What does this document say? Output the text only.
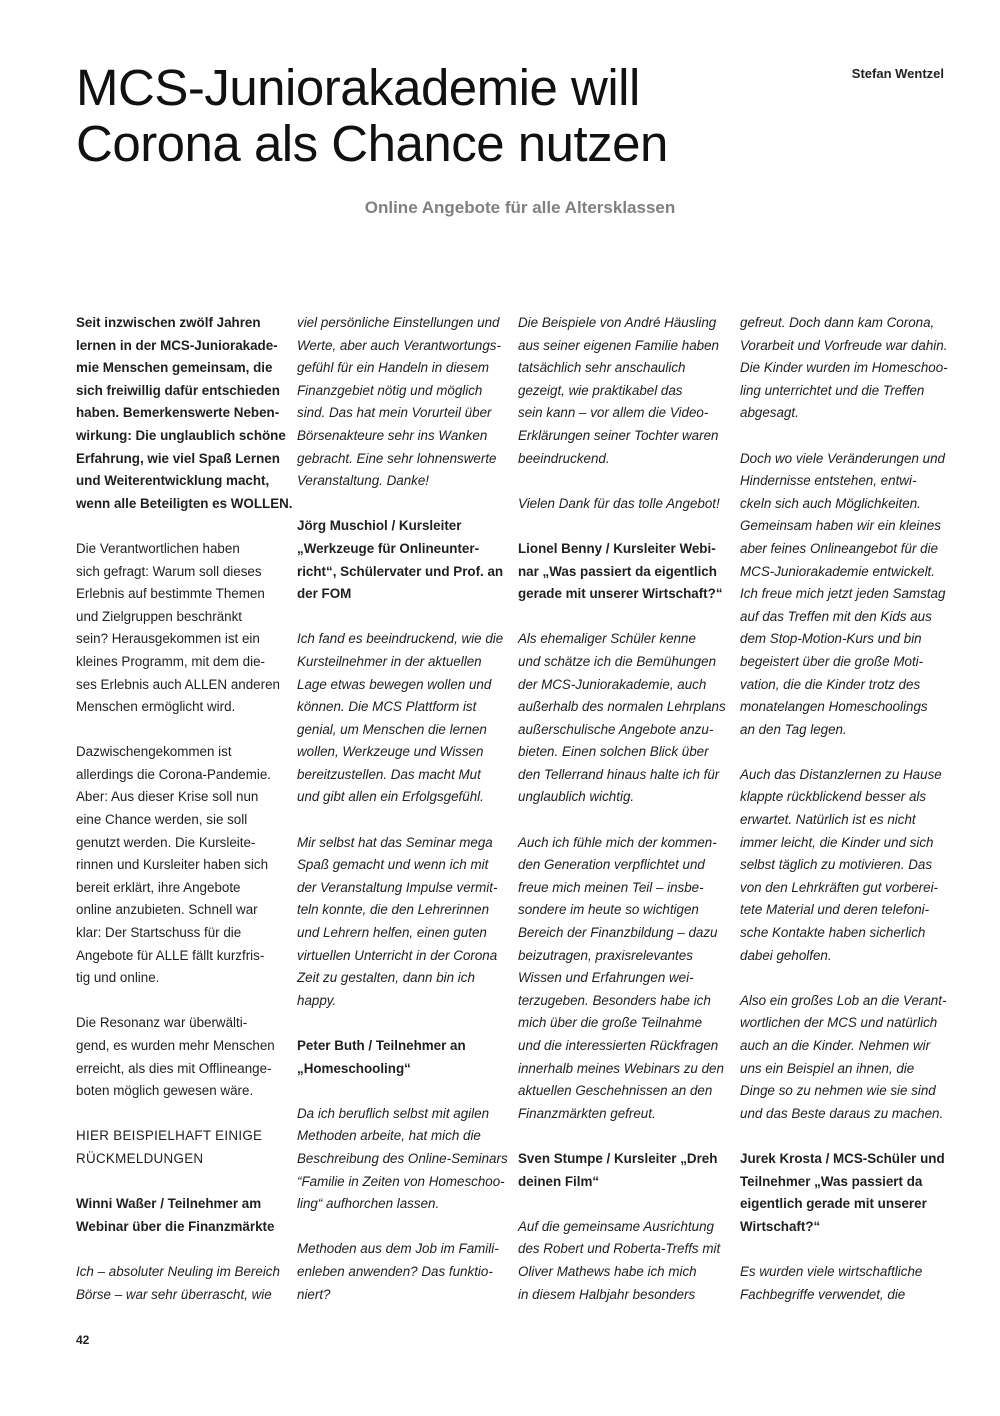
MCS-Juniorakademie will
Corona als Chance nutzen
Stefan Wentzel
Online Angebote für alle Altersklassen

Seit inzwischen zwölf Jahren
lernen in der MCS-Juniorakade-
mie Menschen gemeinsam, die
sich freiwillig dafür entschieden
haben. Bemerkenswerte Neben-
wirkung: Die unglaublich schöne
Erfahrung, wie viel Spaß Lernen
und Weiterentwicklung macht,
wenn alle Beteiligten es WOLLEN.

Die Verantwortlichen haben
sich gefragt: Warum soll dieses
Erlebnis auf bestimmte Themen
und Zielgruppen beschränkt
sein? Herausgekommen ist ein
kleines Programm, mit dem die-
ses Erlebnis auch ALLEN anderen
Menschen ermöglicht wird.

Dazwischengekommen ist
allerdings die Corona-Pandemie.
Aber: Aus dieser Krise soll nun
eine Chance werden, sie soll
genutzt werden. Die Kursleite-
rinnen und Kursleiter haben sich
bereit erklärt, ihre Angebote
online anzubieten. Schnell war
klar: Der Startschuss für die
Angebote für ALLE fällt kurzfris-
tig und online.

Die Resonanz war überwälti-
gend, es wurden mehr Menschen
erreicht, als dies mit Offlineange-
boten möglich gewesen wäre.

HIER BEISPIELHAFT EINIGE
RÜCKMELDUNGEN

Winni Waßer / Teilnehmer am
Webinar über die Finanzmärkte

Ich – absoluter Neuling im Bereich
Börse – war sehr überrascht, wie

viel persönliche Einstellungen und
Werte, aber auch Verantwortungs-
gefühl für ein Handeln in diesem
Finanzgebiet nötig und möglich
sind. Das hat mein Vorurteil über
Börsenakteure sehr ins Wanken
gebracht. Eine sehr lohnenswerte
Veranstaltung. Danke!

Jörg Muschiol / Kursleiter
„Werkzeuge für Onlineunter-
richt“, Schülervater und Prof. an
der FOM

Ich fand es beeindruckend, wie die
Kursteilnehmer in der aktuellen
Lage etwas bewegen wollen und
können. Die MCS Plattform ist
genial, um Menschen die lernen
wollen, Werkzeuge und Wissen
bereitzustellen. Das macht Mut
und gibt allen ein Erfolgsgefühl.

Mir selbst hat das Seminar mega
Spaß gemacht und wenn ich mit
der Veranstaltung Impulse vermit-
teln konnte, die den Lehrerinnen
und Lehrern helfen, einen guten
virtuellen Unterricht in der Corona
Zeit zu gestalten, dann bin ich
happy.

Peter Buth / Teilnehmer an
„Homeschooling“

Da ich beruflich selbst mit agilen
Methoden arbeite, hat mich die
Beschreibung des Online-Seminars
“Familie in Zeiten von Homeschoo-
ling“ aufhorchen lassen.

Methoden aus dem Job im Famili-
enleben anwenden? Das funktio-
niert?

Die Beispiele von André Häusling
aus seiner eigenen Familie haben
tatsächlich sehr anschaulich
gezeigt, wie praktikabel das
sein kann – vor allem die Video-
Erklärungen seiner Tochter waren
beeindruckend.

Vielen Dank für das tolle Angebot!

Lionel Benny / Kursleiter Webi-
nar „Was passiert da eigentlich
gerade mit unserer Wirtschaft?“

Als ehemaliger Schüler kenne
und schätze ich die Bemühungen
der MCS-Juniorakademie, auch
außerhalb des normalen Lehrplans
außerschulische Angebote anzu-
bieten. Einen solchen Blick über
den Tellerrand hinaus halte ich für
unglaublich wichtig.

Auch ich fühle mich der kommen-
den Generation verpflichtet und
freue mich meinen Teil – insbe-
sondere im heute so wichtigen
Bereich der Finanzbildung – dazu
beizutragen, praxisrelevantes
Wissen und Erfahrungen wei-
terzugeben. Besonders habe ich
mich über die große Teilnahme
und die interessierten Rückfragen
innerhalb meines Webinars zu den
aktuellen Geschehnissen an den
Finanzmärkten gefreut.

Sven Stumpe / Kursleiter „Dreh
deinen Film“

Auf die gemeinsame Ausrichtung
des Robert und Roberta-Treffs mit
Oliver Mathews habe ich mich
in diesem Halbjahr besonders

gefreut. Doch dann kam Corona,
Vorarbeit und Vorfreude war dahin.
Die Kinder wurden im Homeschoo-
ling unterrichtet und die Treffen
abgesagt.

Doch wo viele Veränderungen und
Hindernisse entstehen, entwi-
ckeln sich auch Möglichkeiten.
Gemeinsam haben wir ein kleines
aber feines Onlineangebot für die
MCS-Juniorakademie entwickelt.
Ich freue mich jetzt jeden Samstag
auf das Treffen mit den Kids aus
dem Stop-Motion-Kurs und bin
begeistert über die große Moti-
vation, die die Kinder trotz des
monatelangen Homeschoolings
an den Tag legen.

Auch das Distanzlernen zu Hause
klappte rückblickend besser als
erwartet. Natürlich ist es nicht
immer leicht, die Kinder und sich
selbst täglich zu motivieren. Das
von den Lehrkräften gut vorberei-
tete Material und deren telefoni-
sche Kontakte haben sicherlich
dabei geholfen.

Also ein großes Lob an die Verant-
wortlichen der MCS und natürlich
auch an die Kinder. Nehmen wir
uns ein Beispiel an ihnen, die
Dinge so zu nehmen wie sie sind
und das Beste daraus zu machen.

Jurek Krosta / MCS-Schüler und
Teilnehmer „Was passiert da
eigentlich gerade mit unserer
Wirtschaft?“

Es wurden viele wirtschaftliche
Fachbegriffe verwendet, die

42
